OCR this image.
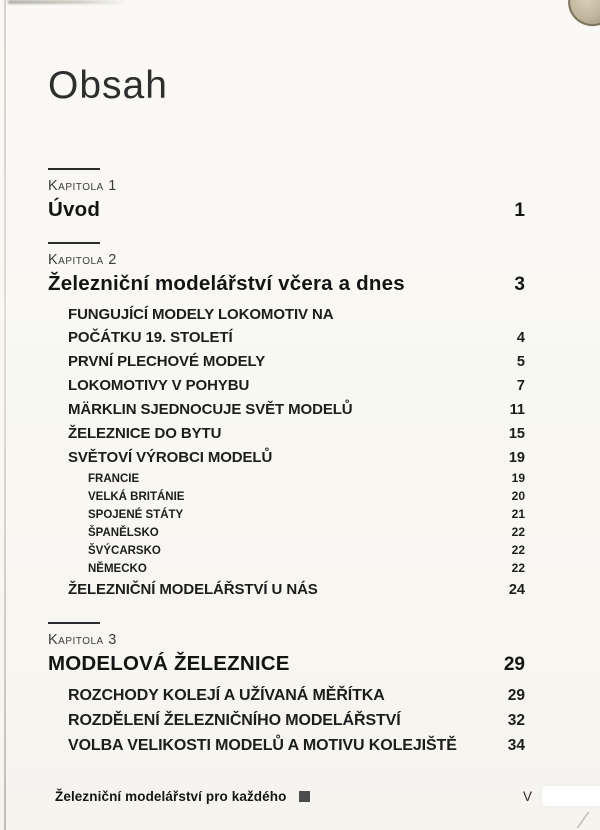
Obsah
Kapitola 1
Úvod	1
Kapitola 2
Železniční modelářství včera a dnes	3
FUNGUJÍCÍ MODELY LOKOMOTIV NA
POČÁTKU 19. STOLETÍ	4
PRVNÍ PLECHOVÉ MODELY	5
LOKOMOTIVY V POHYBU	7
MÄRKLIN SJEDNOCUJE SVĚT MODELŮ	11
ŽELEZNICE DO BYTU	15
SVĚTOVÍ VÝROBCI MODELŮ	19
FRANCIE	19
VELKÁ BRITÁNIE	20
SPOJENÉ STÁTY	21
ŠPANĚLSKO	22
ŠVÝCARSKO	22
NĚMECKO	22
ŽELEZNIČNÍ MODELÁŘSTVÍ U NÁS	24
Kapitola 3
MODELOVÁ ŽELEZNICE	29
ROZCHODY KOLEJÍ A UŽÍVANÁ MĚŘÍTKA	29
ROZDĚLENÍ ŽELEZNIČNÍHO MODELÁŘSTVÍ	32
VOLBA VELIKOSTI MODELŮ A MOTIVU KOLEJIŠTĚ	34
Železniční modelářství pro každého	V
